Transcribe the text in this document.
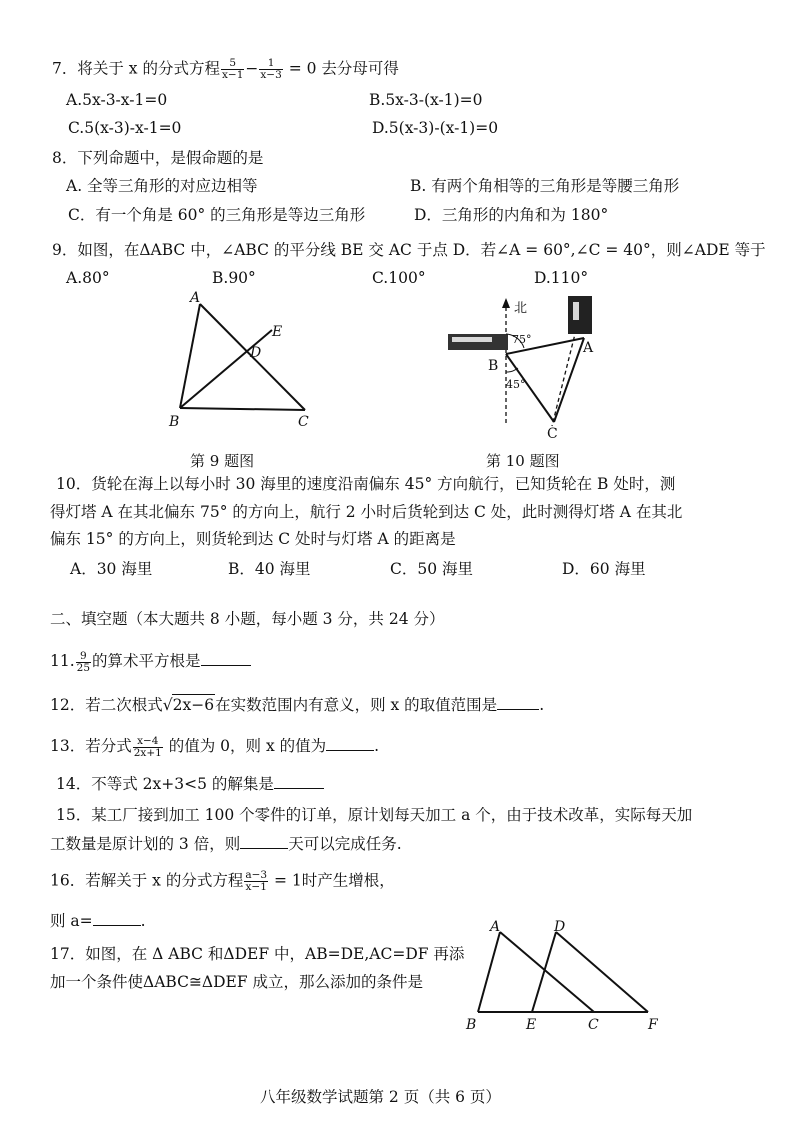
7．将关于 x 的分式方程 $\frac{5}{x-1} - \frac{1}{x-3} = 0$ 去分母可得
A.5x-3-x-1=0	B.5x-3-(x-1)=0
C.5(x-3)-x-1=0	D.5(x-3)-(x-1)=0
8．下列命题中，是假命题的是
A. 全等三角形的对应边相等	B. 有两个角相等的三角形是等腰三角形
C．有一个角是 60° 的三角形是等边三角形	D．三角形的内角和为 180°
9．如图，在ΔABC 中，∠ABC 的平分线 BE 交 AC 于点 D．若∠A = 60°,∠C = 40°，则∠ADE 等于
A.80°	B.90°	C.100°	D.110°
A
B	C
D
E
第 9 题图
北
75°
45°
A
B
C
第 10 题图
10．货轮在海上以每小时 30 海里的速度沿南偏东 45° 方向航行，已知货轮在 B 处时，测
得灯塔 A 在其北偏东 75° 的方向上，航行 2 小时后货轮到达 C 处，此时测得灯塔 A 在其北
偏东 15° 的方向上，则货轮到达 C 处时与灯塔 A 的距离是
A．30 海里	B．40 海里	C．50 海里	D．60 海里
二、填空题（本大题共 8 小题，每小题 3 分，共 24 分）
11. $\frac{9}{25}$ 的算术平方根是
12．若二次根式√2x−6在实数范围内有意义，则 x 的取值范围是	.
13．若分式 $\frac{x-4}{2x+1}$ 的值为 0，则 x 的值为	.
14．不等式 2x+3<5 的解集是
15．某工厂接到加工 100 个零件的订单，原计划每天加工 a 个，由于技术改革，实际每天加
工数量是原计划的 3 倍，则	天可以完成任务.
16．若解关于 x 的分式方程 $\frac{a-3}{x-1} = 1$时产生增根，
则 a=	.
17．如图，在 Δ ABC 和ΔDEF 中，AB=DE,AC=DF 再添
加一个条件使ΔABC≅ΔDEF 成立，那么添加的条件是
A	D
B	E	C	F
八年级数学试题第 2 页（共 6 页）
